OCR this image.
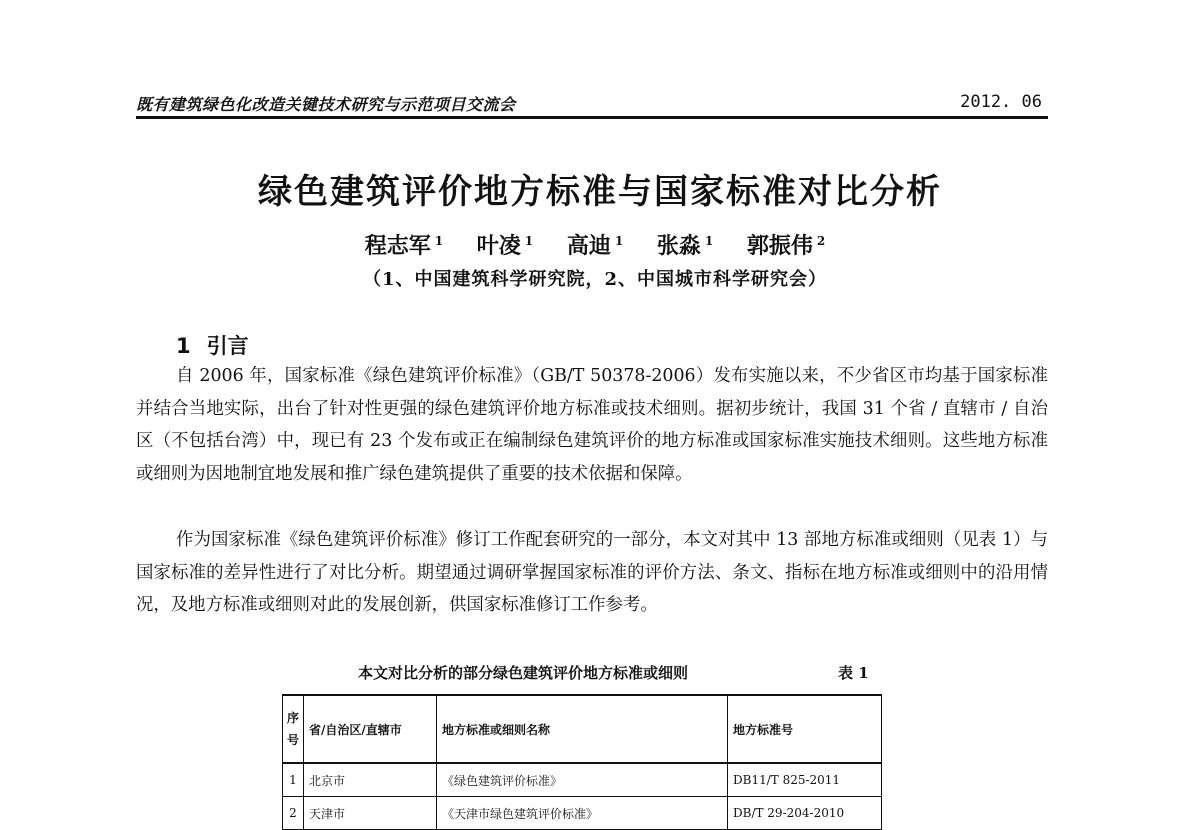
既有建筑绿色化改造关键技术研究与示范项目交流会	2012. 06
绿色建筑评价地方标准与国家标准对比分析
程志军 $^1$ 叶凌 $^1$ 高迪 $^1$ 张淼 $^1$ 郭振伟 $^2$
（1、中国建筑科学研究院，2、中国城市科学研究会）
1 引言

自 2006 年，国家标准《绿色建筑评价标准》（GB/T 50378-2006）发布实施以来，不少省区市均基于国家标准并结合当地实际，出台了针对性更强的绿色建筑评价地方标准或技术细则。据初步统计，我国 31 个省 / 直辖市 / 自治区（不包括台湾）中，现已有 23 个发布或正在编制绿色建筑评价的地方标准或国家标准实施技术细则。这些地方标准或细则为因地制宜地发展和推广绿色建筑提供了重要的技术依据和保障。

作为国家标准《绿色建筑评价标准》修订工作配套研究的一部分，本文对其中 13 部地方标准或细则（见表 1）与国家标准的差异性进行了对比分析。期望通过调研掌握国家标准的评价方法、条文、指标在地方标准或细则中的沿用情况，及地方标准或细则对此的发展创新，供国家标准修订工作参考。

本文对比分析的部分绿色建筑评价地方标准或细则	表 1
序号	省/自治区/直辖市	地方标准或细则名称	地方标准号
1	北京市	《绿色建筑评价标准》	DB11/T 825-2011
2	天津市	《天津市绿色建筑评价标准》	DB/T 29-204-2010
